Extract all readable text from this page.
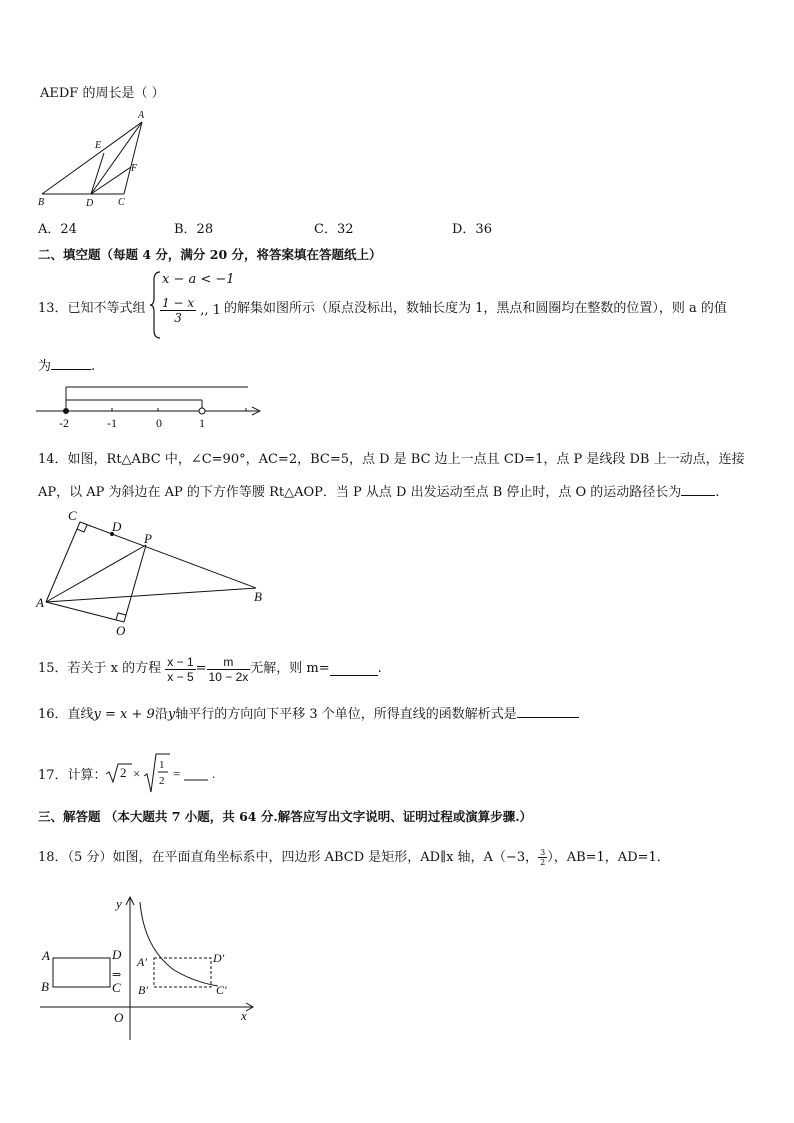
AEDF 的周长是（ ）
A
E
F
B	D C
A．24	B．28	C．32	D．36
二、填空题（每题 4 分，满分 20 分，将答案填在答题纸上）
13．已知不等式组
x − a < −1
$\frac{1 - x}{3}$ ,, 1 的解集如图所示（原点没标出，数轴长度为 1，黑点和圆圈均在整数的位置），则 a 的值
为	.
-2	-1	0	1
14．如图，Rt△ABC 中，∠C=90°，AC=2，BC=5，点 D 是 BC 边上一点且 CD=1，点 P 是线段 DB 上一动点，连接
AP，以 AP 为斜边在 AP 的下方作等腰 Rt△AOP．当 P 从点 D 出发运动至点 B 停止时，点 O 的运动路径长为	.
C
D
P
A	B
O
15．若关于 x 的方程 $\frac{x - 1}{x - 5} = \frac{m}{10 - 2x}$ 无解，则 m=	.
16．直线y = x + 9沿y轴平行的方向向下平移 3 个单位，所得直线的函数解析式是
17．计算： 2 ×
1
2 = .
三、解答题 （本大题共 7 小题，共 64 分.解答应写出文字说明、证明过程或演算步骤.）
18．（5 分）如图，在平面直角坐标系中，四边形 ABCD 是矩形，AD∥x 轴，A（−3， $\frac{3}{2}$ ），AB=1，AD=1．
y
x
O
A
B
D
C
A′
B′
D′
C′
⇒
